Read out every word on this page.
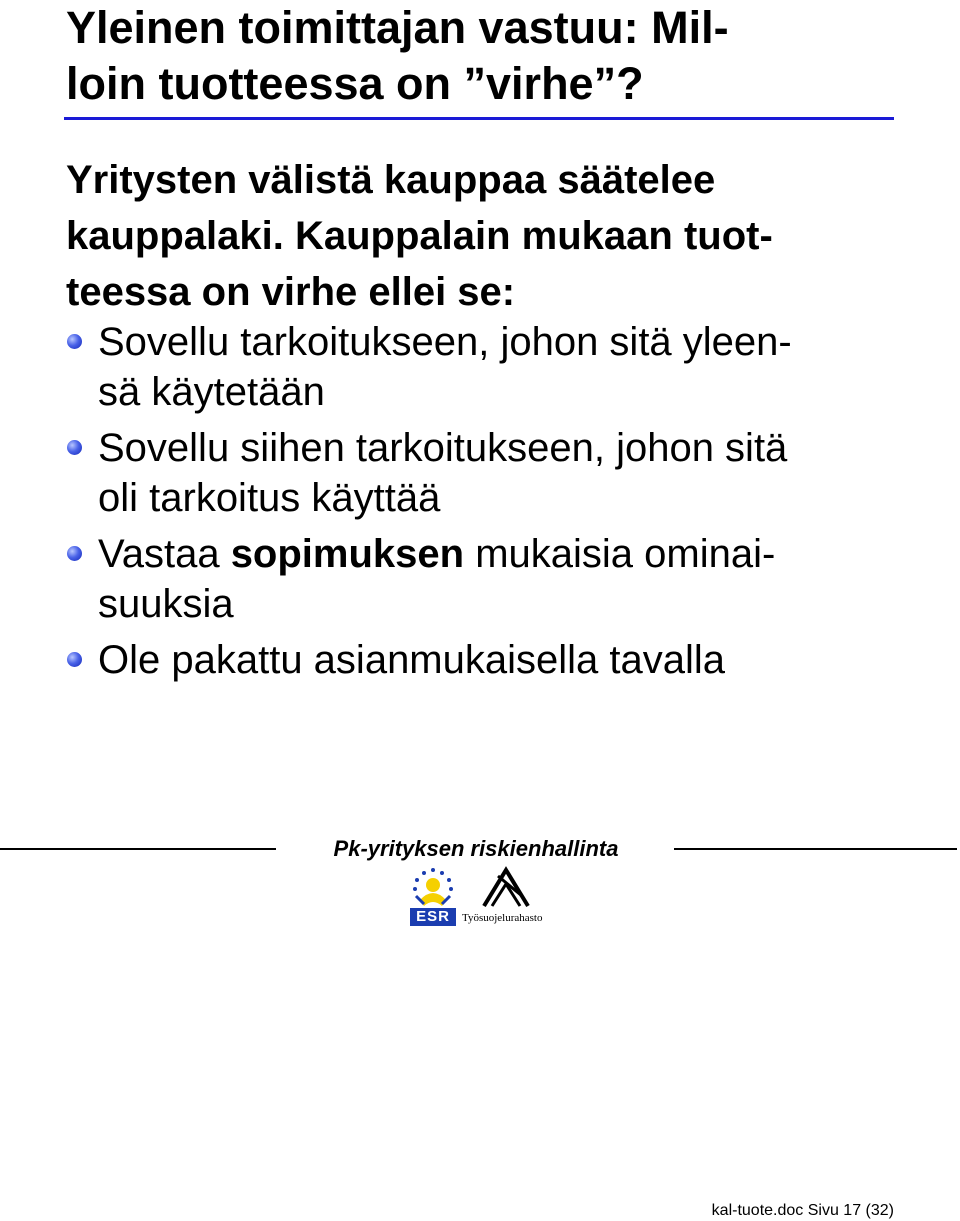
Yleinen toimittajan vastuu: Mil-
loin tuotteessa on ”virhe”?

Yritysten välistä kauppaa säätelee
kauppalaki. Kauppalain mukaan tuot-
teessa on virhe ellei se:

Sovellu tarkoitukseen, johon sitä yleen-
sä käytetään
Sovellu siihen tarkoitukseen, johon sitä
oli tarkoitus käyttää
Vastaa sopimuksen mukaisia ominai-
suuksia
Ole pakattu asianmukaisella tavalla
Pk-yrityksen riskienhallinta
ESR	Työsuojelurahasto
kal-tuote.doc Sivu 17 (32)
